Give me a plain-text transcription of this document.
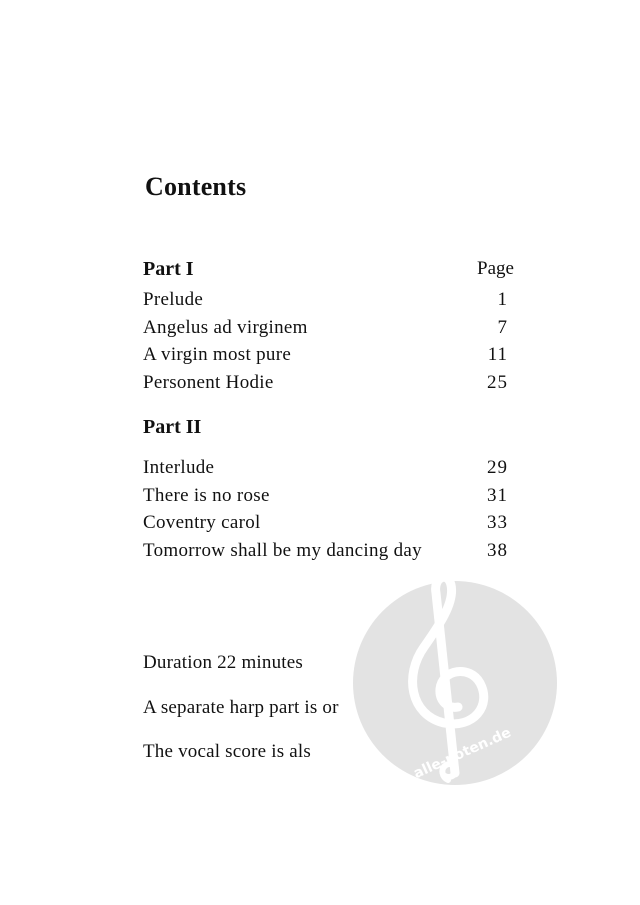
Contents
Part I	Page
Prelude	1
Angelus ad virginem	7
A virgin most pure	11
Personent Hodie	25
Part II
Interlude	29
There is no rose	31
Coventry carol	33
Tomorrow shall be my dancing day	38
Duration 22 minutes
A separate harp part is or
The vocal score is als	alle-noten.de
